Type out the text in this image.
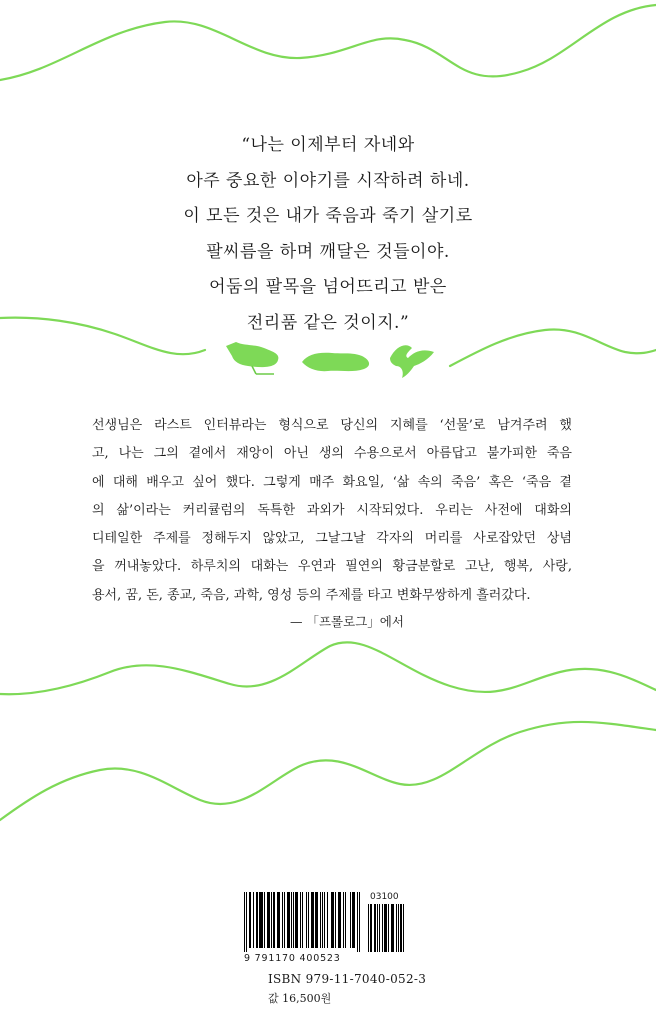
“나는 이제부터 자네와
아주 중요한 이야기를 시작하려 하네.
이 모든 것은 내가 죽음과 죽기 살기로
팔씨름을 하며 깨달은 것들이야.
어둠의 팔목을 넘어뜨리고 받은
전리품 같은 것이지.”
선생님은 라스트 인터뷰라는 형식으로 당신의 지혜를 ‘선물’로 남겨주려 했
고, 나는 그의 곁에서 재앙이 아닌 생의 수용으로서 아름답고 불가피한 죽음
에 대해 배우고 싶어 했다. 그렇게 매주 화요일, ‘삶 속의 죽음’ 혹은 ‘죽음 곁
의 삶’이라는 커리큘럼의 독특한 과외가 시작되었다. 우리는 사전에 대화의
디테일한 주제를 정해두지 않았고, 그날그날 각자의 머리를 사로잡았던 상념
을 꺼내놓았다. 하루치의 대화는 우연과 필연의 황금분할로 고난, 행복, 사랑,
용서, 꿈, 돈, 종교, 죽음, 과학, 영성 등의 주제를 타고 변화무쌍하게 흘러갔다.
— 「프롤로그」에서
03100
9 791170 400523
ISBN 979-11-7040-052-3
값 16,500원
